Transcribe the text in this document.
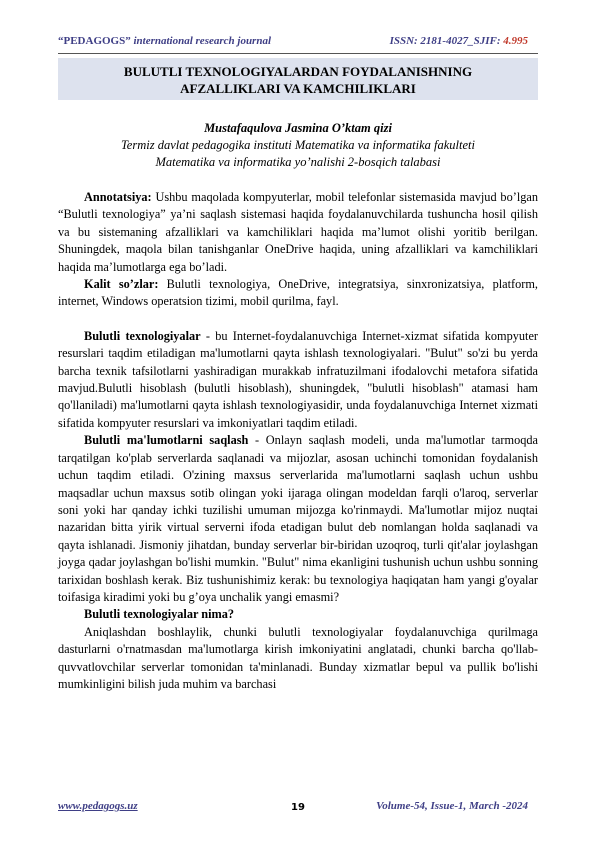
“PEDAGOGS” international research journal	ISSN: 2181-4027_SJIF: 4.995
BULUTLI TEXNOLOGIYALARDAN FOYDALANISHNING
AFZALLIKLARI VA KAMCHILIKLARI
Mustafaqulova Jasmina O’ktam qizi
Termiz davlat pedagogika instituti Matematika va informatika fakulteti
Matematika va informatika yo’nalishi 2-bosqich talabasi

Annotatsiya: Ushbu maqolada kompyuterlar, mobil telefonlar sistemasida mavjud bo’lgan “Bulutli texnologiya” ya’ni saqlash sistemasi haqida foydalanuvchilarda tushuncha hosil qilish va bu sistemaning afzalliklari va kamchiliklari haqida ma’lumot olishi yoritib berilgan. Shuningdek, maqola bilan tanishganlar OneDrive haqida, uning afzalliklari va kamchiliklari haqida ma’lumotlarga ega bo’ladi.

Kalit so’zlar: Bulutli texnologiya, OneDrive, integratsiya, sinxronizatsiya, platform, internet, Windows operatsion tizimi, mobil qurilma, fayl.

Bulutli texnologiyalar - bu Internet-foydalanuvchiga Internet-xizmat sifatida kompyuter resurslari taqdim etiladigan ma'lumotlarni qayta ishlash texnologiyalari. "Bulut" so'zi bu yerda barcha texnik tafsilotlarni yashiradigan murakkab infratuzilmani ifodalovchi metafora sifatida mavjud.Bulutli hisoblash (bulutli hisoblash), shuningdek, "bulutli hisoblash" atamasi ham qo'llaniladi) ma'lumotlarni qayta ishlash texnologiyasidir, unda foydalanuvchiga Internet xizmati sifatida kompyuter resurslari va imkoniyatlari taqdim etiladi.

Bulutli ma'lumotlarni saqlash - Onlayn saqlash modeli, unda ma'lumotlar tarmoqda tarqatilgan ko'plab serverlarda saqlanadi va mijozlar, asosan uchinchi tomonidan foydalanish uchun taqdim etiladi. O'zining maxsus serverlarida ma'lumotlarni saqlash uchun ushbu maqsadlar uchun maxsus sotib olingan yoki ijaraga olingan modeldan farqli o'laroq, serverlar soni yoki har qanday ichki tuzilishi umuman mijozga ko'rinmaydi. Ma'lumotlar mijoz nuqtai nazaridan bitta yirik virtual serverni ifoda etadigan bulut deb nomlangan holda saqlanadi va qayta ishlanadi. Jismoniy jihatdan, bunday serverlar bir-biridan uzoqroq, turli qit'alar joylashgan joyga qadar joylashgan bo'lishi mumkin. "Bulut" nima ekanligini tushunish uchun ushbu sonning tarixidan boshlash kerak. Biz tushunishimiz kerak: bu texnologiya haqiqatan ham yangi g'oyalar toifasiga kiradimi yoki bu g’oya unchalik yangi emasmi?

Bulutli texnologiyalar nima?

Aniqlashdan boshlaylik, chunki bulutli texnologiyalar foydalanuvchiga qurilmaga dasturlarni o'rnatmasdan ma'lumotlarga kirish imkoniyatini anglatadi, chunki barcha qo'llab-quvvatlovchilar serverlar tomonidan ta'minlanadi. Bunday xizmatlar bepul va pullik bo'lishi mumkinligini bilish juda muhim va barchasi

www.pedagogs.uz	19	Volume-54, Issue-1, March -2024
